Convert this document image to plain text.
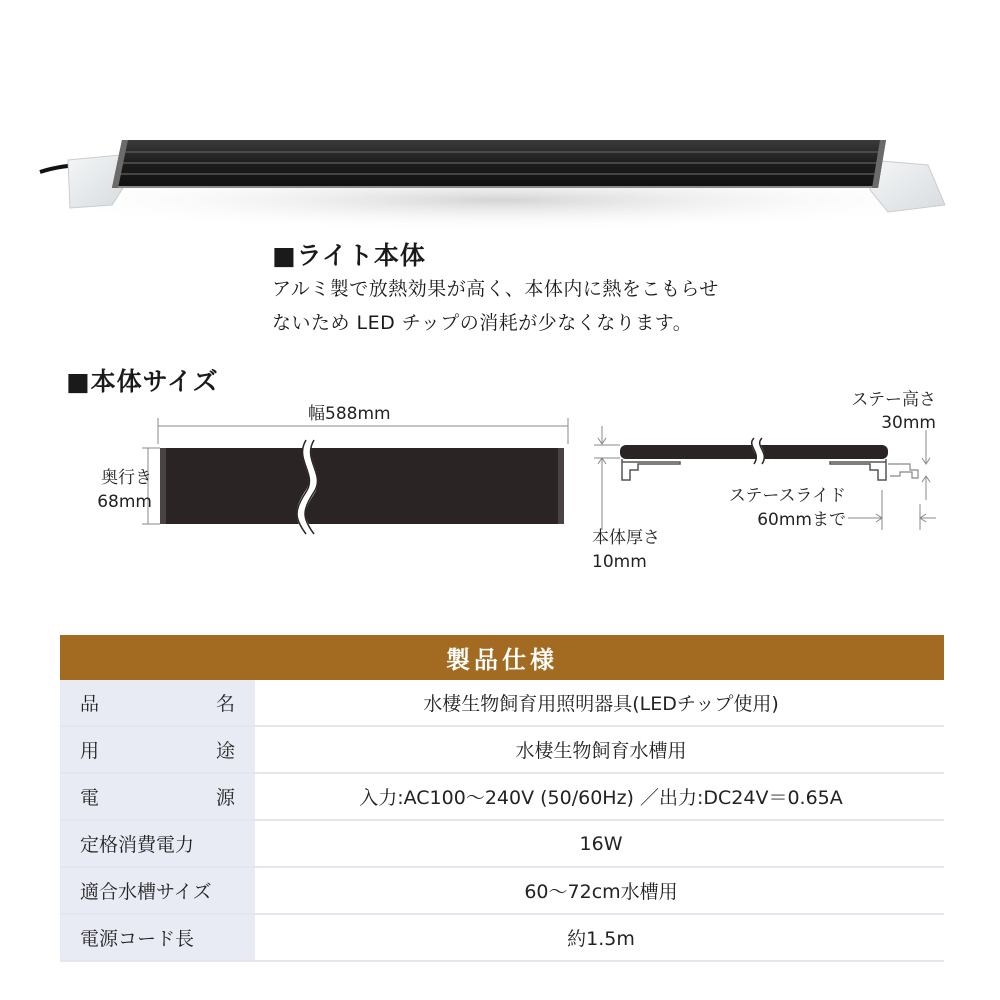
■ライト本体
アルミ製で放熱効果が高く、本体内に熱をこもらせ
ないため LED チップの消耗が少なくなります。
■本体サイズ
幅588mm
奥行き
68mm
ステー高さ
30mm
ステースライド
60mmまで
本体厚さ
10mm
製品仕様
品	名	水棲生物飼育用照明器具(LEDチップ使用)
用	途	水棲生物飼育水槽用
電	源	入力:AC100〜240V (50/60Hz) ／出力:DC24V＝0.65A
定格消費電力	16W
適合水槽サイズ	60〜72cm水槽用
電源コード長	約1.5m
